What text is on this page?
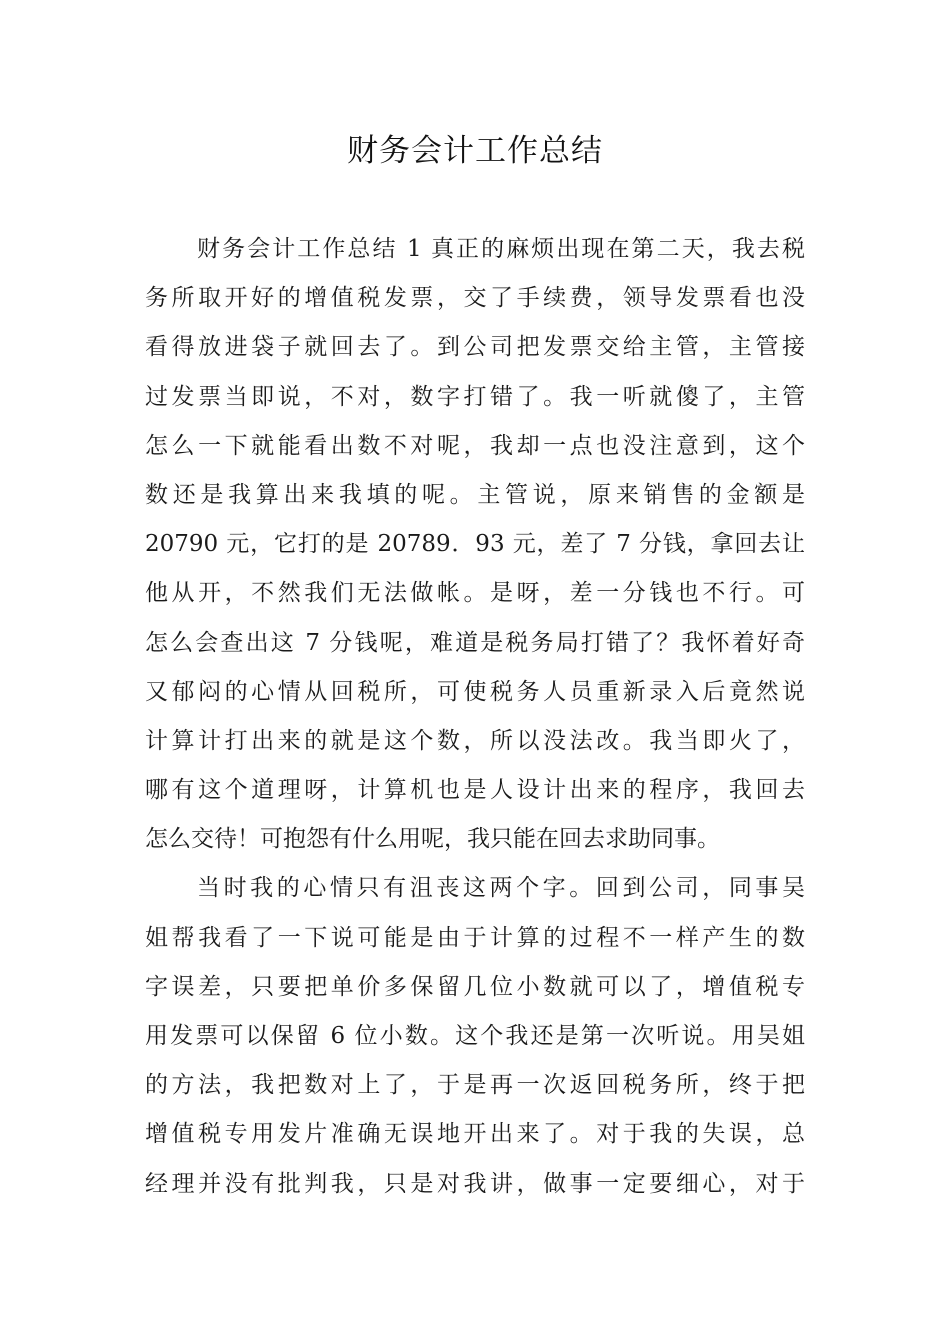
财务会计工作总结
财务会计工作总结 1 真正的麻烦出现在第二天，我去税
务所取开好的增值税发票，交了手续费，领导发票看也没
看得放进袋子就回去了。到公司把发票交给主管，主管接
过发票当即说，不对，数字打错了。我一听就傻了，主管
怎么一下就能看出数不对呢，我却一点也没注意到，这个
数还是我算出来我填的呢。主管说，原来销售的金额是
20790 元，它打的是 20789．93 元，差了 7 分钱，拿回去让
他从开，不然我们无法做帐。是呀，差一分钱也不行。可
怎么会查出这 7 分钱呢，难道是税务局打错了？我怀着好奇
又郁闷的心情从回税所，可使税务人员重新录入后竟然说
计算计打出来的就是这个数，所以没法改。我当即火了，
哪有这个道理呀，计算机也是人设计出来的程序，我回去
怎么交待！可抱怨有什么用呢，我只能在回去求助同事。
当时我的心情只有沮丧这两个字。回到公司，同事吴
姐帮我看了一下说可能是由于计算的过程不一样产生的数
字误差，只要把单价多保留几位小数就可以了，增值税专
用发票可以保留 6 位小数。这个我还是第一次听说。用吴姐
的方法，我把数对上了，于是再一次返回税务所，终于把
增值税专用发片准确无误地开出来了。对于我的失误，总
经理并没有批判我，只是对我讲，做事一定要细心，对于
